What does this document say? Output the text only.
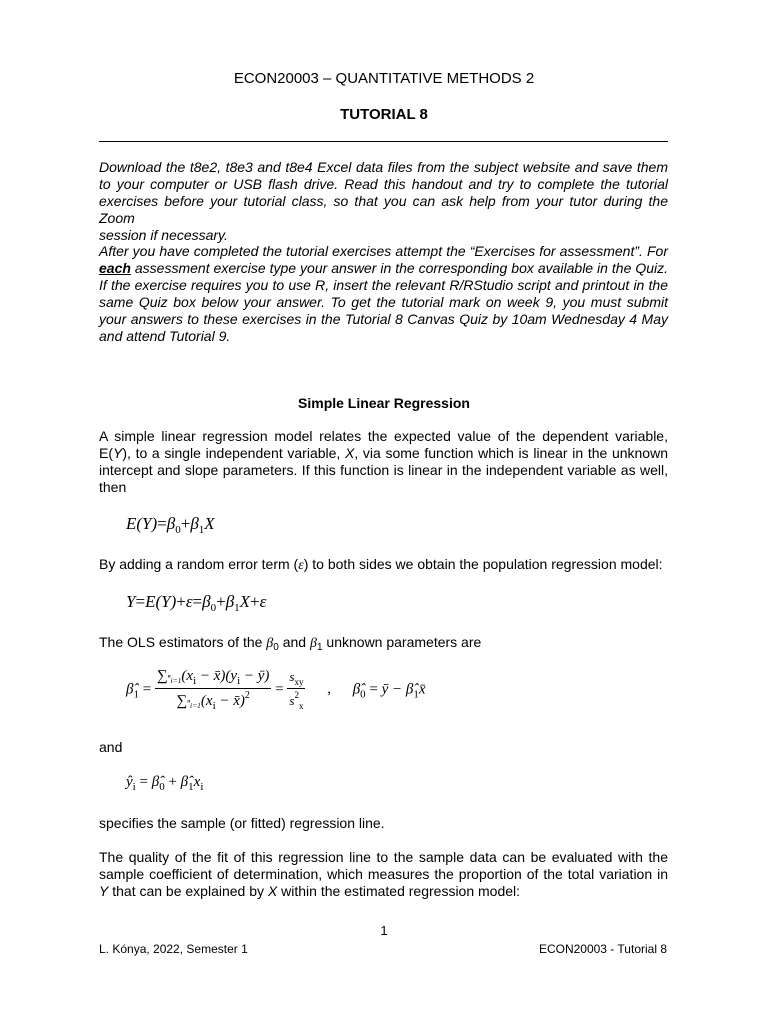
ECON20003 – QUANTITATIVE METHODS 2
TUTORIAL 8
Download the t8e2, t8e3 and t8e4 Excel data files from the subject website and save them
to your computer or USB flash drive. Read this handout and try to complete the tutorial
exercises before your tutorial class, so that you can ask help from your tutor during the Zoom
session if necessary.
After you have completed the tutorial exercises attempt the “Exercises for assessment”. For
each assessment exercise type your answer in the corresponding box available in the Quiz.
If the exercise requires you to use R, insert the relevant R/RStudio script and printout in the
same Quiz box below your answer. To get the tutorial mark on week 9, you must submit
your answers to these exercises in the Tutorial 8 Canvas Quiz by 10am Wednesday 4 May
and attend Tutorial 9.
Simple Linear Regression
A simple linear regression model relates the expected value of the dependent variable,
E(Y), to a single independent variable, X, via some function which is linear in the unknown
intercept and slope parameters. If this function is linear in the independent variable as well,
then
$E(Y)=\beta_0+\beta_1X$
By adding a random error term (ε) to both sides we obtain the population regression model:
$Y=E(Y)+\varepsilon=\beta_0+\beta_1X+\varepsilon$
The OLS estimators of the $\beta_0$ and $\beta_1$ unknown parameters are
$\betâ_1 = \frac{\sum^n_{i=1}(x_i - x̄)(y_i - ȳ)}{\sum^n_{i=1}(x_i - x̄)^2} = \frac{s_{xy}}{s^2_x}$ , $\betâ_0$ = ȳ − $\betâ_1x̄$
and
$ŷ_i$ = $\betâ_0$ + $\betâ_1x_i$
specifies the sample (or fitted) regression line.
The quality of the fit of this regression line to the sample data can be evaluated with the
sample coefficient of determination, which measures the proportion of the total variation in
Y that can be explained by X within the estimated regression model:
1
L. Kónya, 2022, Semester 1	ECON20003 - Tutorial 8
